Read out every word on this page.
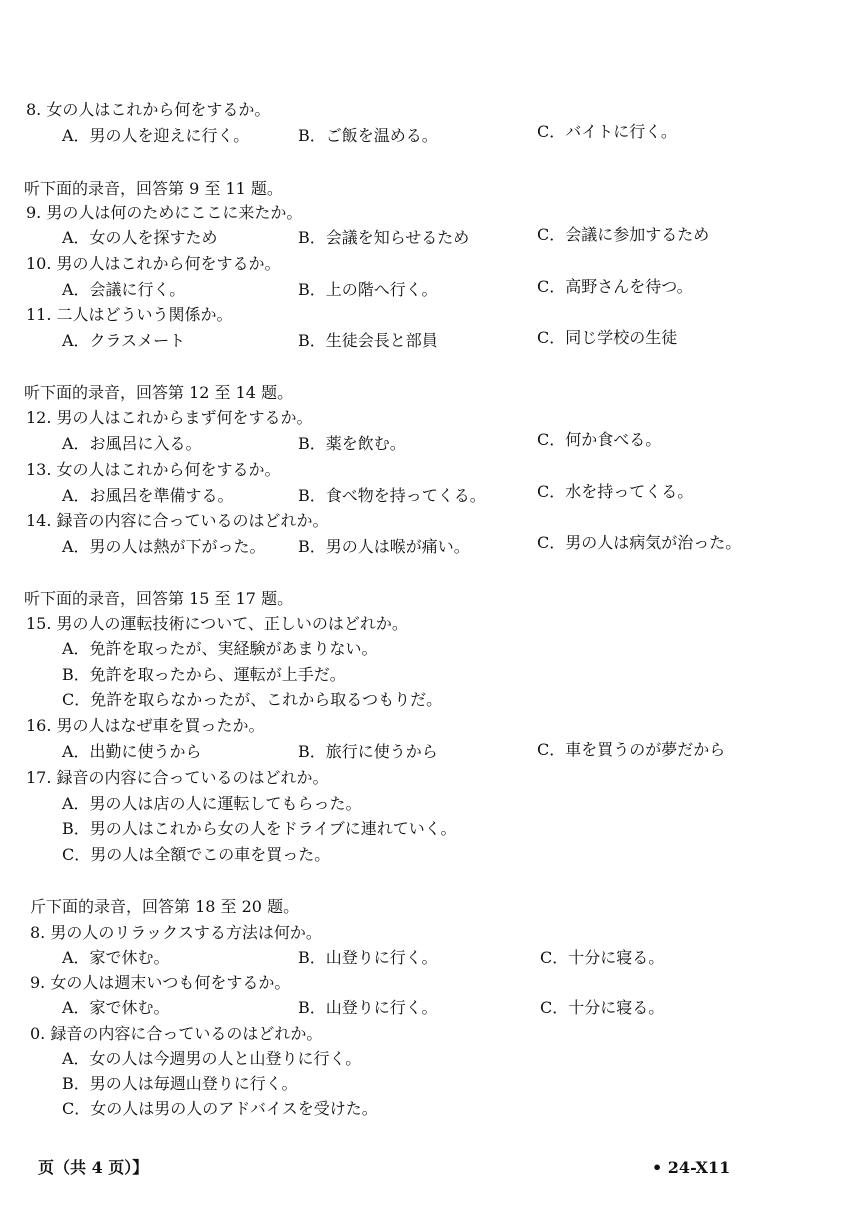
8. 女の人はこれから何をするか。
A．男の人を迎えに行く。	B．ご飯を温める。	C．バイトに行く。
听下面的录音，回答第 9 至 11 题。
9. 男の人は何のためにここに来たか。
A．女の人を探すため	B．会議を知らせるため	C．会議に参加するため
10. 男の人はこれから何をするか。
A．会議に行く。	B．上の階へ行く。	C．高野さんを待つ。
11. 二人はどういう関係か。
A．クラスメート	B．生徒会長と部員	C．同じ学校の生徒
听下面的录音，回答第 12 至 14 题。
12. 男の人はこれからまず何をするか。
A．お風呂に入る。	B．薬を飲む。	C．何か食べる。
13. 女の人はこれから何をするか。
A．お風呂を準備する。	B．食べ物を持ってくる。	C．水を持ってくる。
14. 録音の内容に合っているのはどれか。
A．男の人は熱が下がった。 B．男の人は喉が痛い。	C．男の人は病気が治った。
听下面的录音，回答第 15 至 17 题。
15. 男の人の運転技術について、正しいのはどれか。
A．免許を取ったが、実経験があまりない。
B．免許を取ったから、運転が上手だ。
C．免許を取らなかったが、これから取るつもりだ。
16. 男の人はなぜ車を買ったか。
A．出勤に使うから	B．旅行に使うから	C．車を買うのが夢だから
17. 録音の内容に合っているのはどれか。
A．男の人は店の人に運転してもらった。
B．男の人はこれから女の人をドライブに連れていく。
C．男の人は全額でこの車を買った。
斤下面的录音，回答第 18 至 20 题。
8. 男の人のリラックスする方法は何か。
A．家で休む。	B．山登りに行く。	C．十分に寝る。
9. 女の人は週末いつも何をするか。
A．家で休む。	B．山登りに行く。	C．十分に寝る。
0. 録音の内容に合っているのはどれか。
A．女の人は今週男の人と山登りに行く。
B．男の人は毎週山登りに行く。
C．女の人は男の人のアドバイスを受けた。
页（共 4 页）】	• 24-X11
